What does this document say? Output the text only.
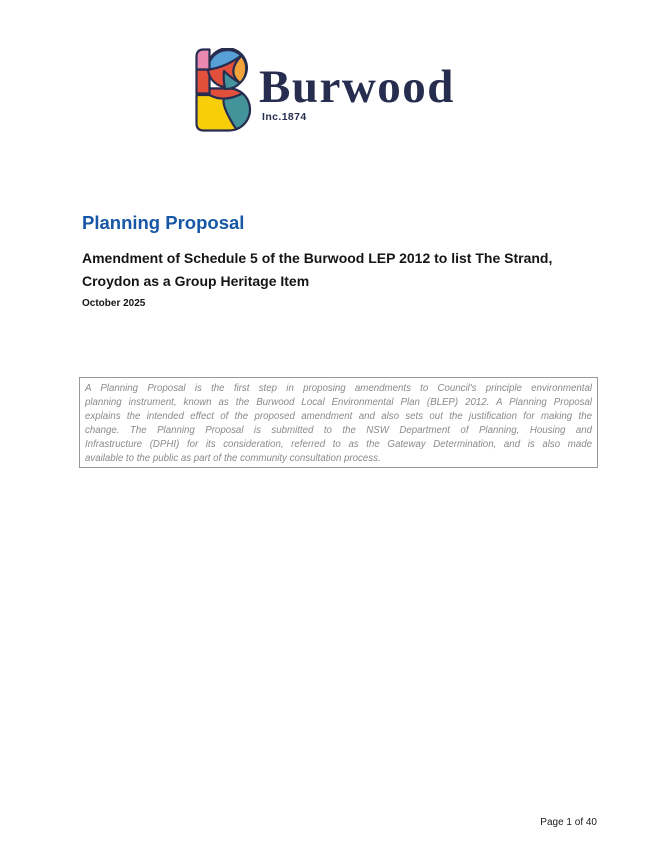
Burwood
Inc.1874
Planning Proposal
Amendment of Schedule 5 of the Burwood LEP 2012 to list The Strand,
Croydon as a Group Heritage Item
October 2025
A Planning Proposal is the first step in proposing amendments to Council's principle environmental
planning instrument, known as the Burwood Local Environmental Plan (BLEP) 2012. A Planning Proposal
explains the intended effect of the proposed amendment and also sets out the justification for making the
change. The Planning Proposal is submitted to the NSW Department of Planning, Housing and
Infrastructure (DPHI) for its consideration, referred to as the Gateway Determination, and is also made
available to the public as part of the community consultation process.
Page 1 of 40
